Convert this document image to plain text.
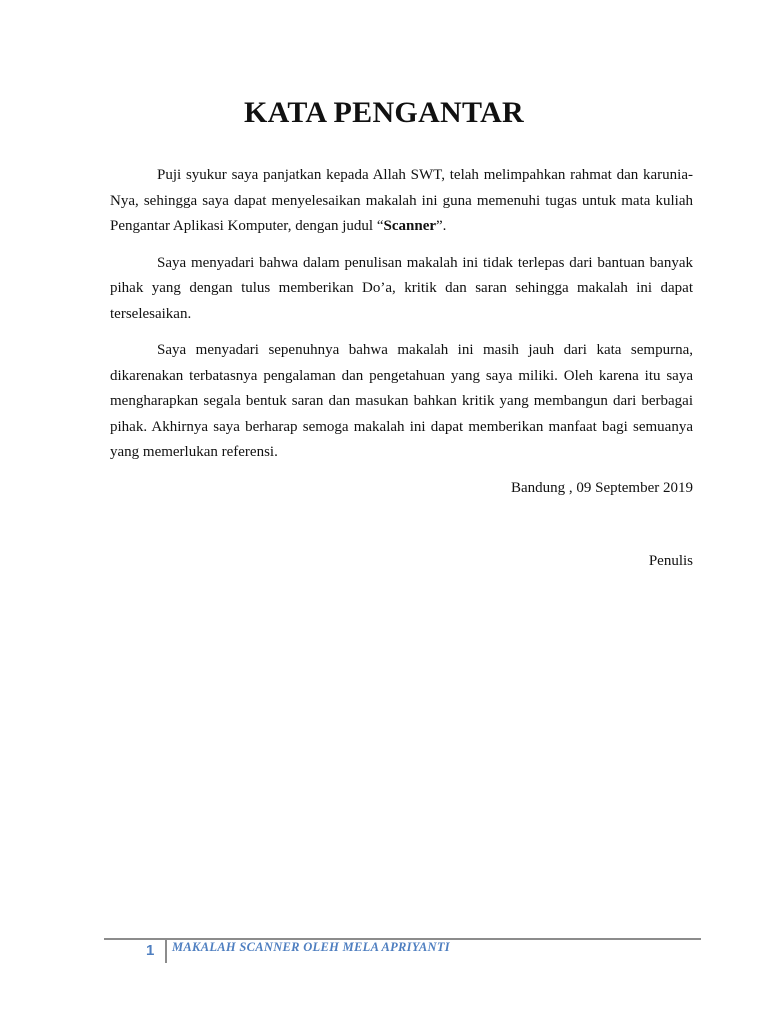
KATA PENGANTAR

Puji syukur saya panjatkan kepada Allah SWT, telah melimpahkan rahmat dan karunia-Nya, sehingga saya dapat menyelesaikan makalah ini guna memenuhi tugas untuk mata kuliah Pengantar Aplikasi Komputer, dengan judul “Scanner”.

Saya menyadari bahwa dalam penulisan makalah ini tidak terlepas dari bantuan banyak pihak yang dengan tulus memberikan Do’a, kritik dan saran sehingga makalah ini dapat terselesaikan.

Saya menyadari sepenuhnya bahwa makalah ini masih jauh dari kata sempurna, dikarenakan terbatasnya pengalaman dan pengetahuan yang saya miliki. Oleh karena itu saya mengharapkan segala bentuk saran dan masukan bahkan kritik yang membangun dari berbagai pihak. Akhirnya saya berharap semoga makalah ini dapat memberikan manfaat bagi semuanya yang memerlukan referensi.

Bandung , 09 September 2019

Penulis

1 MAKALAH SCANNER OLEH MELA APRIYANTI
